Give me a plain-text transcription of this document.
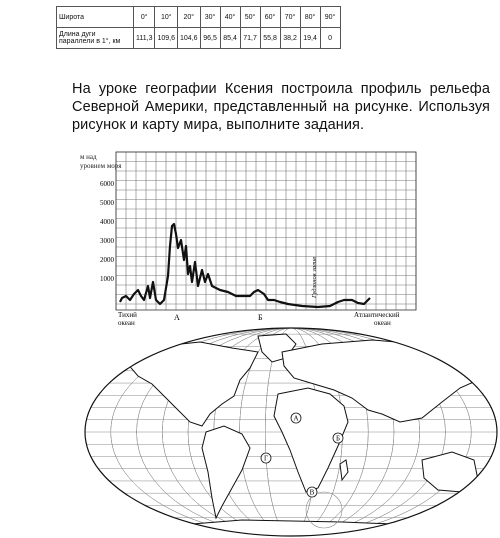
Широта	0°	10°	20°	30°	40°	50°	60°	70°	80°	90°
Длина дуги параллели в 1°, км	111,3	109,6	104,6	96,5	85,4	71,7	55,8	38,2	19,4	0
На уроке географии Ксения построила профиль рельефа Северной Америки, представленный на рисунке. Используя рисунок и карту мира, выполните задания.
м над
уровнем моря
6000
5000
4000
3000
2000
1000
А	Б
Тихий
океан
Атлантический
океан
Гудзонов залив
А
Б
Г
В
